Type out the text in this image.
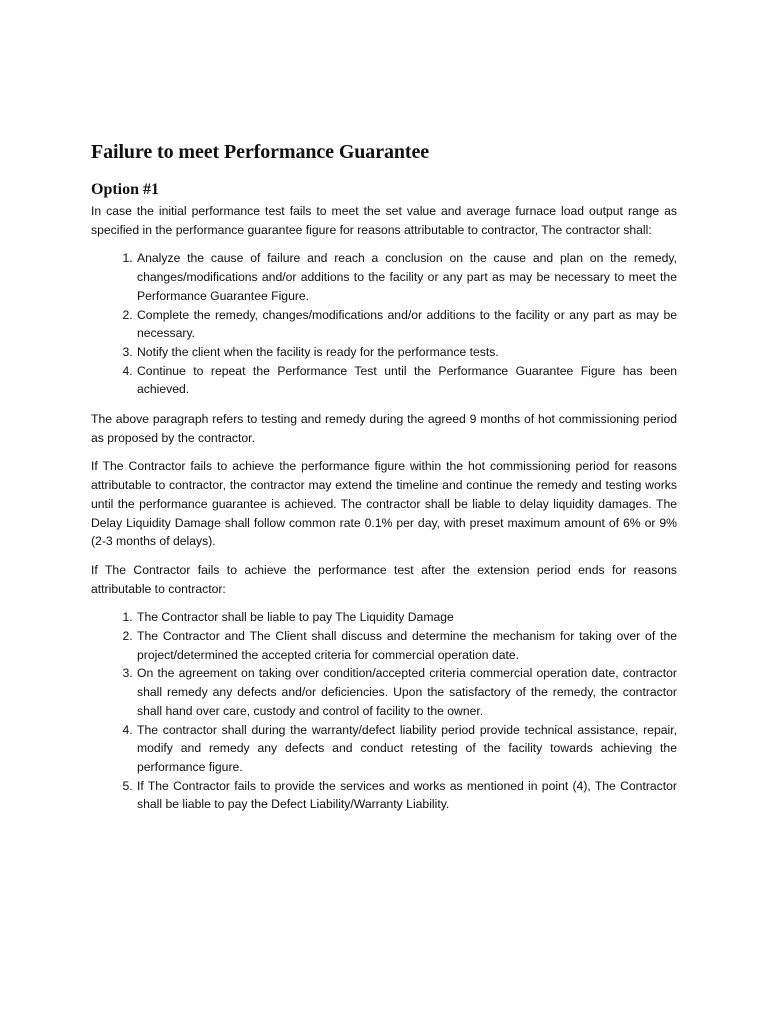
Failure to meet Performance Guarantee
Option #1

In case the initial performance test fails to meet the set value and average furnace load output range as specified in the performance guarantee figure for reasons attributable to contractor, The contractor shall:

1. Analyze the cause of failure and reach a conclusion on the cause and plan on the remedy, changes/modifications and/or additions to the facility or any part as may be necessary to meet the Performance Guarantee Figure.
2. Complete the remedy, changes/modifications and/or additions to the facility or any part as may be necessary.
3. Notify the client when the facility is ready for the performance tests.
4. Continue to repeat the Performance Test until the Performance Guarantee Figure has been achieved.

The above paragraph refers to testing and remedy during the agreed 9 months of hot commissioning period as proposed by the contractor.

If The Contractor fails to achieve the performance figure within the hot commissioning period for reasons attributable to contractor, the contractor may extend the timeline and continue the remedy and testing works until the performance guarantee is achieved. The contractor shall be liable to delay liquidity damages. The Delay Liquidity Damage shall follow common rate 0.1% per day, with preset maximum amount of 6% or 9% (2-3 months of delays).

If The Contractor fails to achieve the performance test after the extension period ends for reasons attributable to contractor:

1. The Contractor shall be liable to pay The Liquidity Damage
2. The Contractor and The Client shall discuss and determine the mechanism for taking over of the project/determined the accepted criteria for commercial operation date.
3. On the agreement on taking over condition/accepted criteria commercial operation date, contractor shall remedy any defects and/or deficiencies. Upon the satisfactory of the remedy, the contractor shall hand over care, custody and control of facility to the owner.
4. The contractor shall during the warranty/defect liability period provide technical assistance, repair, modify and remedy any defects and conduct retesting of the facility towards achieving the performance figure.
5. If The Contractor fails to provide the services and works as mentioned in point (4), The Contractor shall be liable to pay the Defect Liability/Warranty Liability.
